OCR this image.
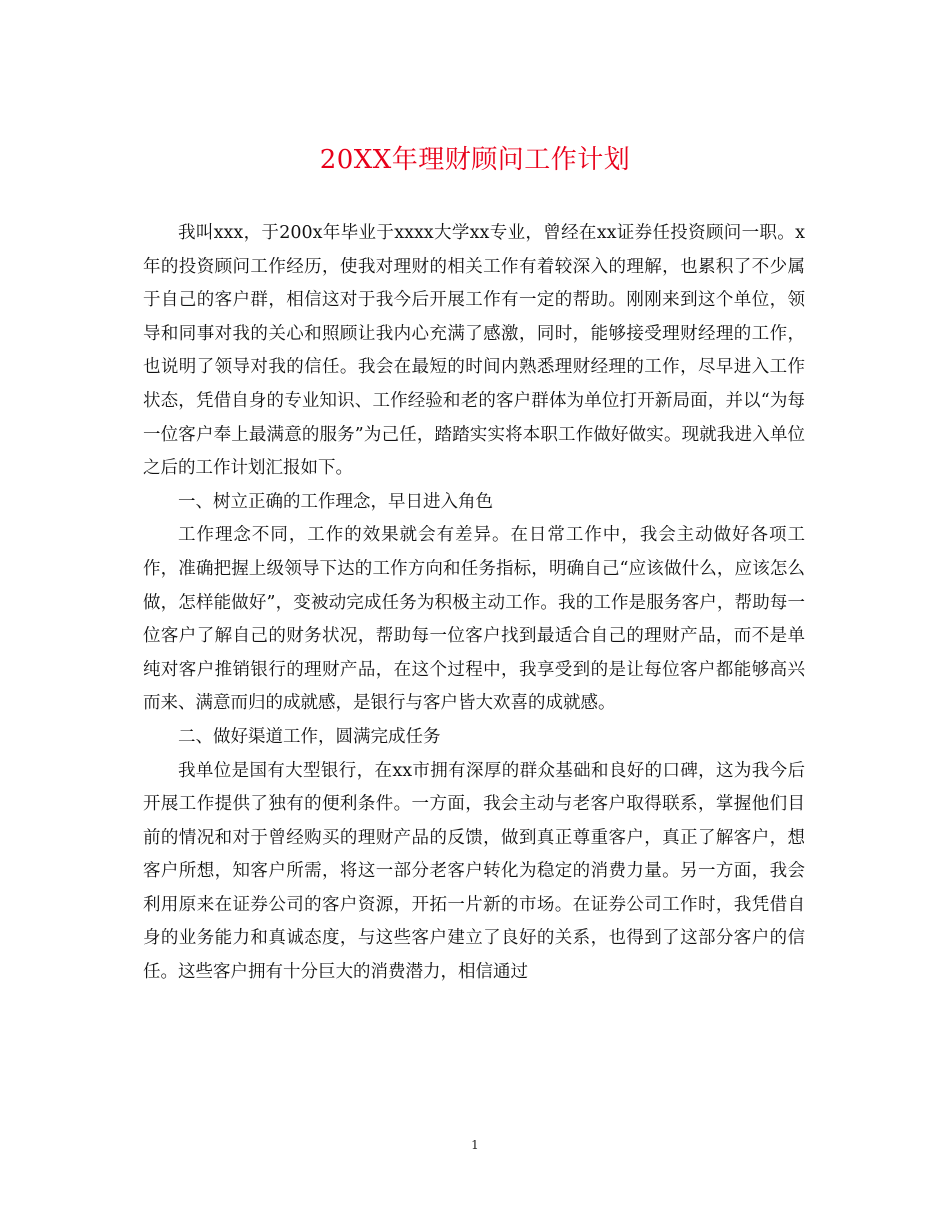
20XX年理财顾问工作计划

我叫xxx，于200x年毕业于xxxx大学xx专业，曾经在xx证券任投资顾问一职。x年的投资顾问工作经历，使我对理财的相关工作有着较深入的理解，也累积了不少属于自己的客户群，相信这对于我今后开展工作有一定的帮助。刚刚来到这个单位，领导和同事对我的关心和照顾让我内心充满了感激，同时，能够接受理财经理的工作，也说明了领导对我的信任。我会在最短的时间内熟悉理财经理的工作，尽早进入工作状态，凭借自身的专业知识、工作经验和老的客户群体为单位打开新局面，并以“为每一位客户奉上最满意的服务”为己任，踏踏实实将本职工作做好做实。现就我进入单位之后的工作计划汇报如下。

一、树立正确的工作理念，早日进入角色

工作理念不同，工作的效果就会有差异。在日常工作中，我会主动做好各项工作，准确把握上级领导下达的工作方向和任务指标，明确自己“应该做什么，应该怎么做，怎样能做好”，变被动完成任务为积极主动工作。我的工作是服务客户，帮助每一位客户了解自己的财务状况，帮助每一位客户找到最适合自己的理财产品，而不是单纯对客户推销银行的理财产品，在这个过程中，我享受到的是让每位客户都能够高兴而来、满意而归的成就感，是银行与客户皆大欢喜的成就感。

二、做好渠道工作，圆满完成任务

我单位是国有大型银行，在xx市拥有深厚的群众基础和良好的口碑，这为我今后开展工作提供了独有的便利条件。一方面，我会主动与老客户取得联系，掌握他们目前的情况和对于曾经购买的理财产品的反馈，做到真正尊重客户，真正了解客户，想客户所想，知客户所需，将这一部分老客户转化为稳定的消费力量。另一方面，我会利用原来在证券公司的客户资源，开拓一片新的市场。在证券公司工作时，我凭借自身的业务能力和真诚态度，与这些客户建立了良好的关系，也得到了这部分客户的信任。这些客户拥有十分巨大的消费潜力，相信通过

1
